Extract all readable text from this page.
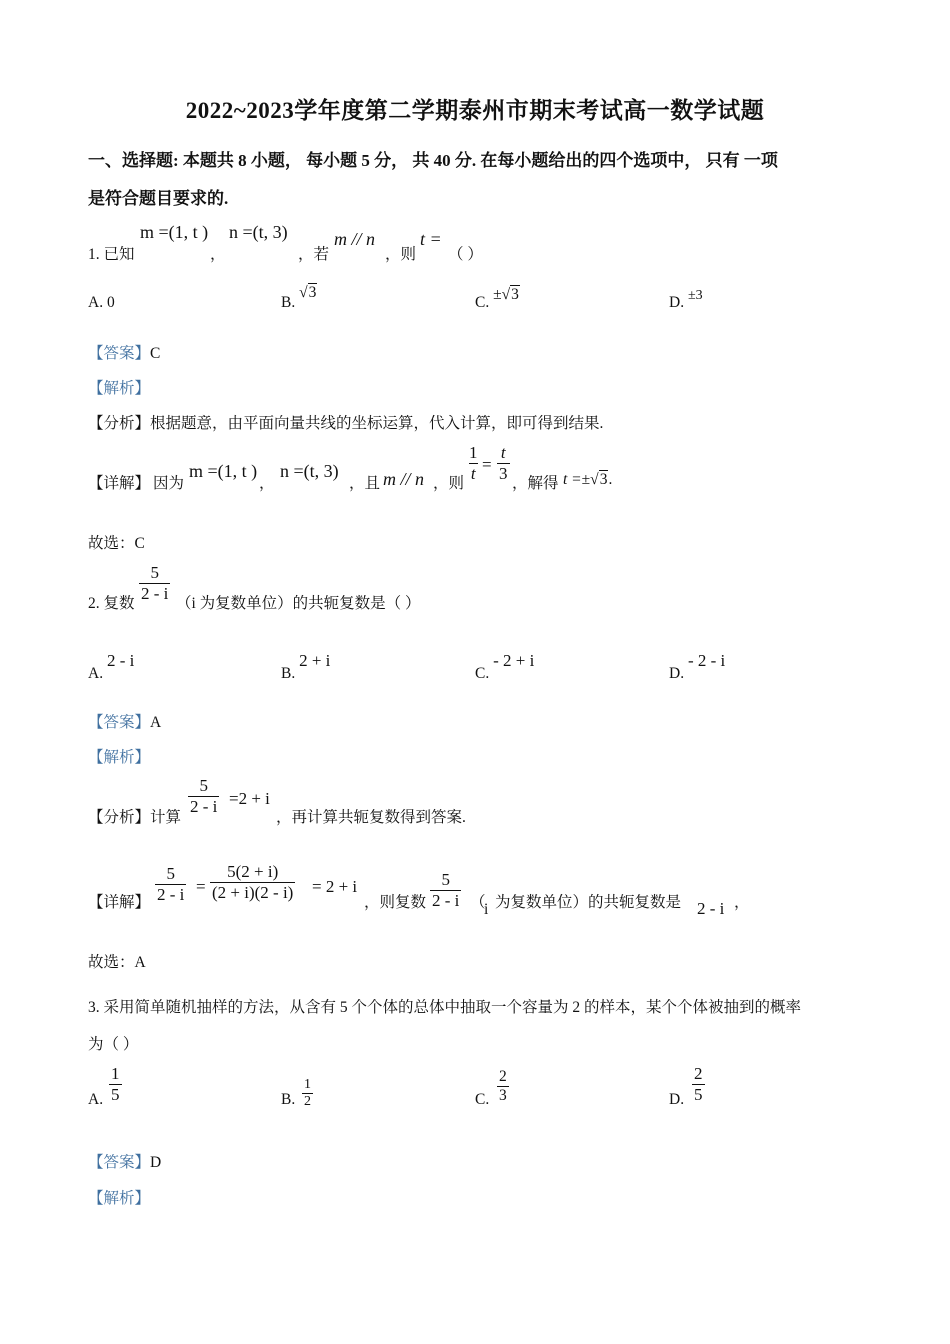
2022~2023学年度第二学期泰州市期末考试高一数学试题
一、选择题: 本题共 8 小题， 每小题 5 分， 共 40 分. 在每小题给出的四个选项中， 只有 一项
是符合题目要求的.
1. 已知
m =(1, t )
，
n =(t, 3)
，若
m // n
，则
t =
（ ）
A. 0	B. √3
C. ±√3	D. ±3
【答案】C
【解析】
【分析】根据题意，由平面向量共线的坐标运算，代入计算，即可得到结果.
【详解】 因为
m =(1, t )
，
n =(t, 3)
，且 m // n ，则
$\frac{1}{t} = \frac{t}{3}$
，解得 t =±√3.
故选：C
2. 复数
$\frac{5}{2 - i}$
（i 为复数单位）的共轭复数是（ ）
A. 2 - i
B. 2 + i
C. - 2 + i
D. - 2 - i
【答案】A
【解析】
【分析】计算
$\frac{5}{2 - i} =2 + i$
，再计算共轭复数得到答案.
【详解】 $\frac{5}{2 - i} = \frac{5(2 + i)}{(2 + i)(2 - i)} = 2 + i$
，则复数 $\frac{5}{2 - i}$ （
i 为复数单位）的共轭复数是 2 - i ，
故选：A
3. 采用简单随机抽样的方法，从含有 5 个个体的总体中抽取一个容量为 2 的样本，某个个体被抽到的概率
为（ ）
A. $\frac{1}{5}$	B. $\frac{1}{2}$	C. $\frac{2}{3}$	D. $\frac{2}{5}$
【答案】D
【解析】
